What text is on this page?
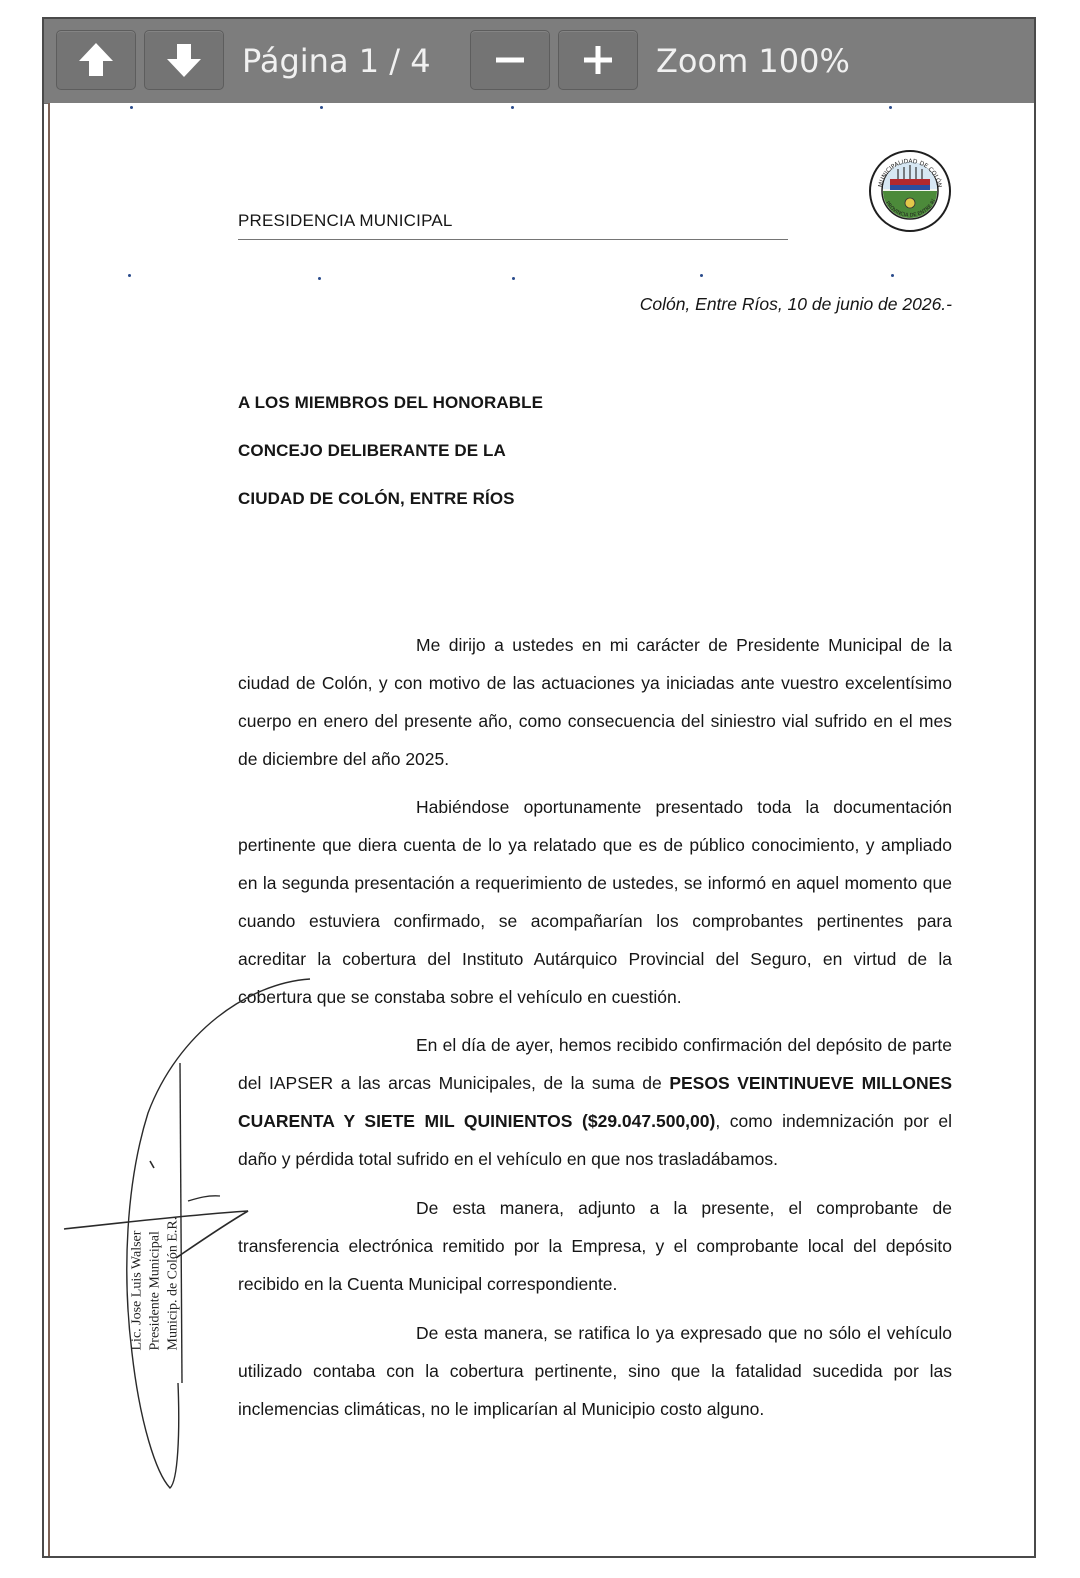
Página 1 / 4	Zoom 100%
PRESIDENCIA MUNICIPAL
MUNICIPALIDAD DE COLÓN
PROVINCIA DE ENTRE RÍ
Colón, Entre Ríos, 10 de junio de 2026.-
A LOS MIEMBROS DEL HONORABLE
CONCEJO DELIBERANTE DE LA
CIUDAD DE COLÓN, ENTRE RÍOS
Me dirijo a ustedes en mi carácter de Presidente Municipal de la ciudad de Colón, y con motivo de las actuaciones ya iniciadas ante vuestro excelentísimo cuerpo en enero del presente año, como consecuencia del siniestro vial sufrido en el mes de diciembre del año 2025.
Habiéndose oportunamente presentado toda la documentación pertinente que diera cuenta de lo ya relatado que es de público conocimiento, y ampliado en la segunda presentación a requerimiento de ustedes, se informó en aquel momento que cuando estuviera confirmado, se acompañarían los comprobantes pertinentes para acreditar la cobertura del Instituto Autárquico Provincial del Seguro, en virtud de la cobertura que se constaba sobre el vehículo en cuestión.
En el día de ayer, hemos recibido confirmación del depósito de parte del IAPSER a las arcas Municipales, de la suma de PESOS VEINTINUEVE MILLONES CUARENTA Y SIETE MIL QUINIENTOS ($29.047.500,00), como indemnización por el daño y pérdida total sufrido en el vehículo en que nos trasladábamos.
De esta manera, adjunto a la presente, el comprobante de transferencia electrónica remitido por la Empresa, y el comprobante local del depósito recibido en la Cuenta Municipal correspondiente.
De esta manera, se ratifica lo ya expresado que no sólo el vehículo utilizado contaba con la cobertura pertinente, sino que la fatalidad sucedida por las inclemencias climáticas, no le implicarían al Municipio costo alguno.
Lic. Jose Luis Walser Presidente Municipal Municip. de Colón E.R.
